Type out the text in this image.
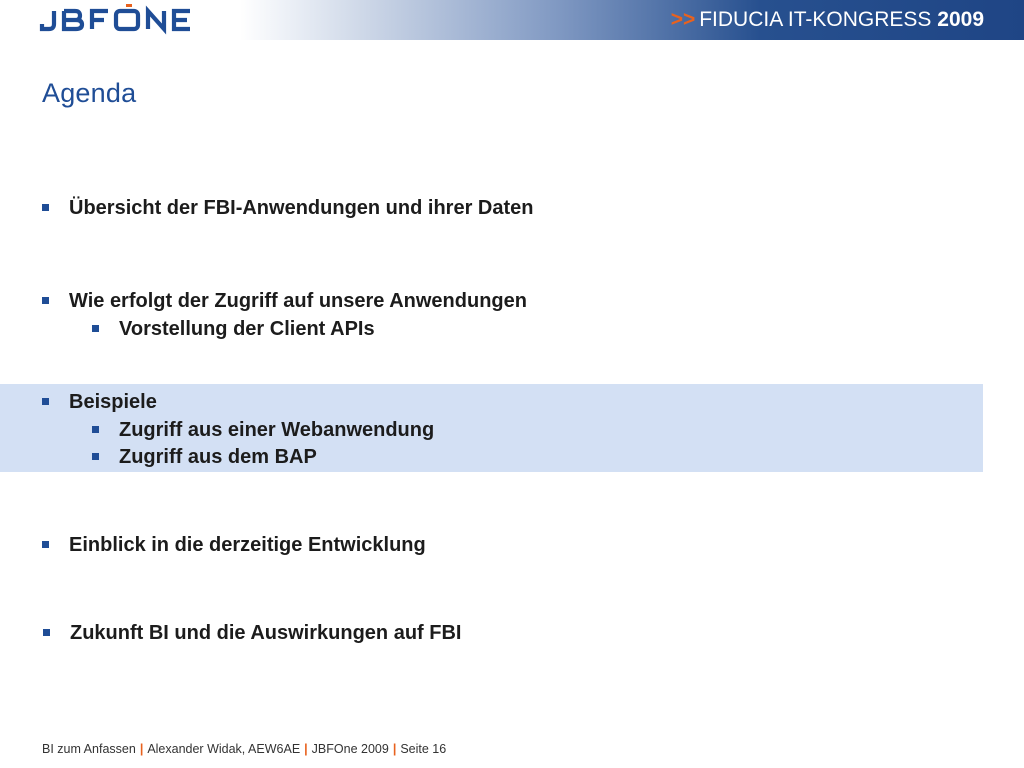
>> FIDUCIA IT-KONGRESS 2009
Agenda
Übersicht der FBI-Anwendungen und ihrer Daten
Wie erfolgt der Zugriff auf unsere Anwendungen
Vorstellung der Client APIs
Beispiele
Zugriff aus einer Webanwendung
Zugriff aus dem BAP
Einblick in die derzeitige Entwicklung
Zukunft BI und die Auswirkungen auf FBI
BI zum Anfassen | Alexander Widak, AEW6AE | JBFOne 2009 | Seite 16
